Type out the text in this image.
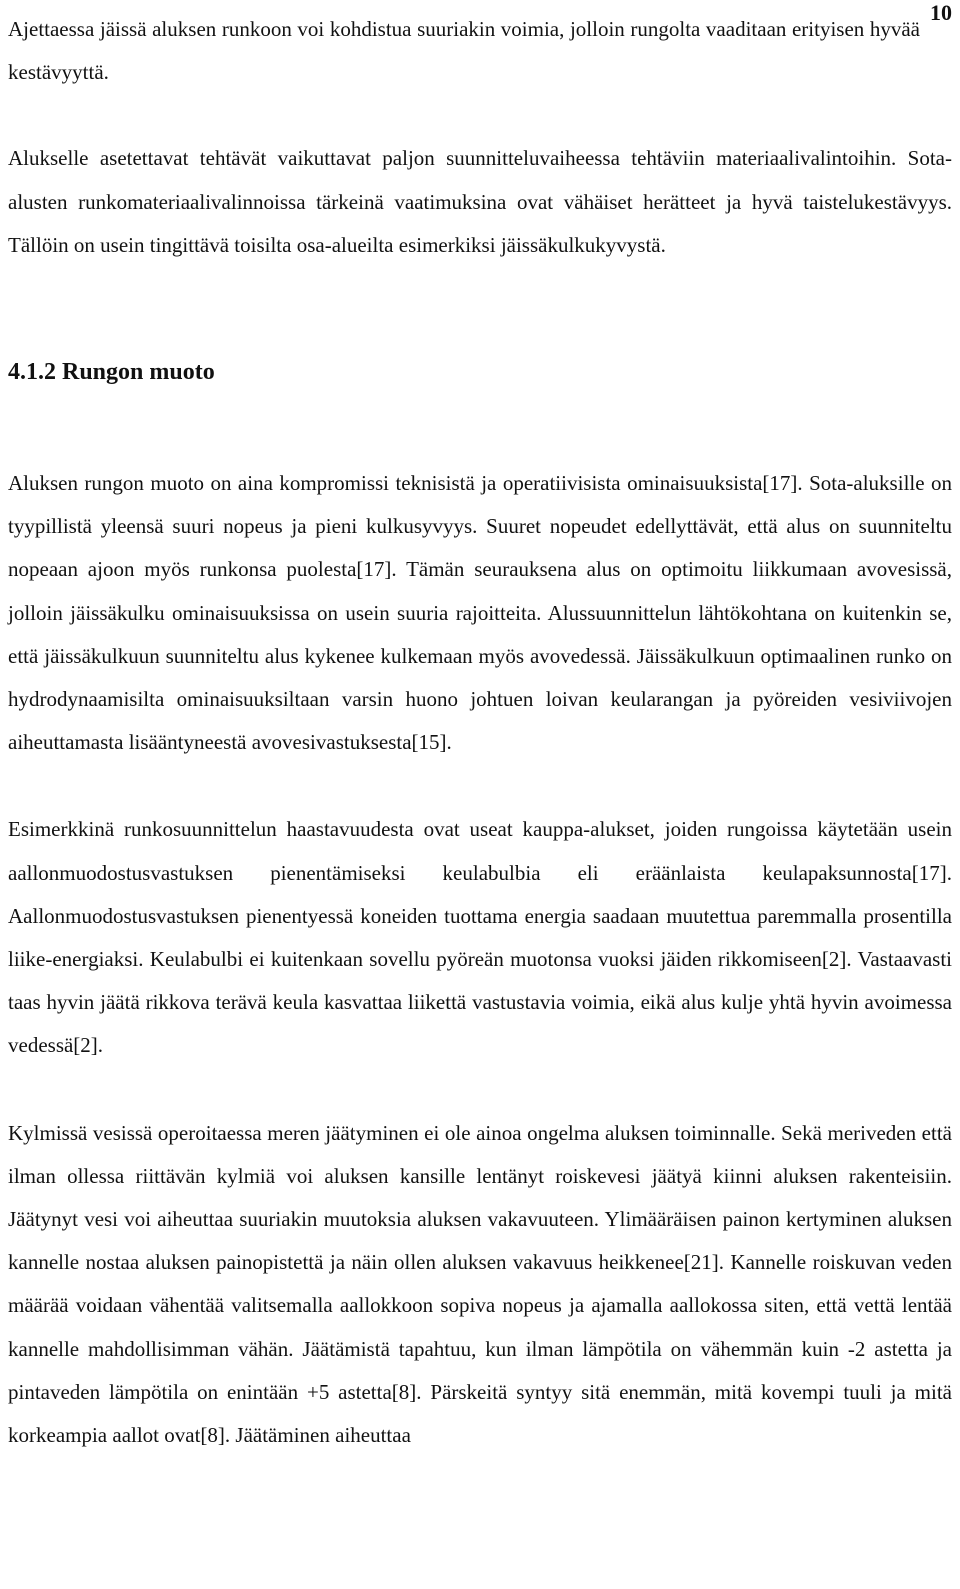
10

Ajettaessa jäissä aluksen runkoon voi kohdistua suuriakin voimia, jolloin rungolta vaaditaan erityisen hyvää kestävyyttä.

Alukselle asetettavat tehtävät vaikuttavat paljon suunnitteluvaiheessa tehtäviin materiaalivalintoihin. Sota-alusten runkomateriaalivalinnoissa tärkeinä vaatimuksina ovat vähäiset herätteet ja hyvä taistelukestävyys. Tällöin on usein tingittävä toisilta osa-alueilta esimerkiksi jäissäkulkukyvystä.

4.1.2 Rungon muoto

Aluksen rungon muoto on aina kompromissi teknisistä ja operatiivisista ominaisuuksista[17]. Sota-aluksille on tyypillistä yleensä suuri nopeus ja pieni kulkusyvyys. Suuret nopeudet edellyttävät, että alus on suunniteltu nopeaan ajoon myös runkonsa puolesta[17]. Tämän seurauksena alus on optimoitu liikkumaan avovesissä, jolloin jäissäkulku ominaisuuksissa on usein suuria rajoitteita. Alussuunnittelun lähtökohtana on kuitenkin se, että jäissäkulkuun suunniteltu alus kykenee kulkemaan myös avovedessä. Jäissäkulkuun optimaalinen runko on hydrodynaamisilta ominaisuuksiltaan varsin huono johtuen loivan keularangan ja pyöreiden vesiviivojen aiheuttamasta lisääntyneestä avovesivastuksesta[15].

Esimerkkinä runkosuunnittelun haastavuudesta ovat useat kauppa-alukset, joiden rungoissa käytetään usein aallonmuodostusvastuksen pienentämiseksi keulabulbia eli eräänlaista keulapaksunnosta[17]. Aallonmuodostusvastuksen pienentyessä koneiden tuottama energia saadaan muutettua paremmalla prosentilla liike-energiaksi. Keulabulbi ei kuitenkaan sovellu pyöreän muotonsa vuoksi jäiden rikkomiseen[2]. Vastaavasti taas hyvin jäätä rikkova terävä keula kasvattaa liikettä vastustavia voimia, eikä alus kulje yhtä hyvin avoimessa vedessä[2].

Kylmissä vesissä operoitaessa meren jäätyminen ei ole ainoa ongelma aluksen toiminnalle. Sekä meriveden että ilman ollessa riittävän kylmiä voi aluksen kansille lentänyt roiskevesi jäätyä kiinni aluksen rakenteisiin. Jäätynyt vesi voi aiheuttaa suuriakin muutoksia aluksen vakavuuteen. Ylimääräisen painon kertyminen aluksen kannelle nostaa aluksen painopistettä ja näin ollen aluksen vakavuus heikkenee[21]. Kannelle roiskuvan veden määrää voidaan vähentää valitsemalla aallokkoon sopiva nopeus ja ajamalla aallokossa siten, että vettä lentää kannelle mahdollisimman vähän. Jäätämistä tapahtuu, kun ilman lämpötila on vähemmän kuin -2 astetta ja pintaveden lämpötila on enintään +5 astetta[8]. Pärskeitä syntyy sitä enemmän, mitä kovempi tuuli ja mitä korkeampia aallot ovat[8]. Jäätäminen aiheuttaa
